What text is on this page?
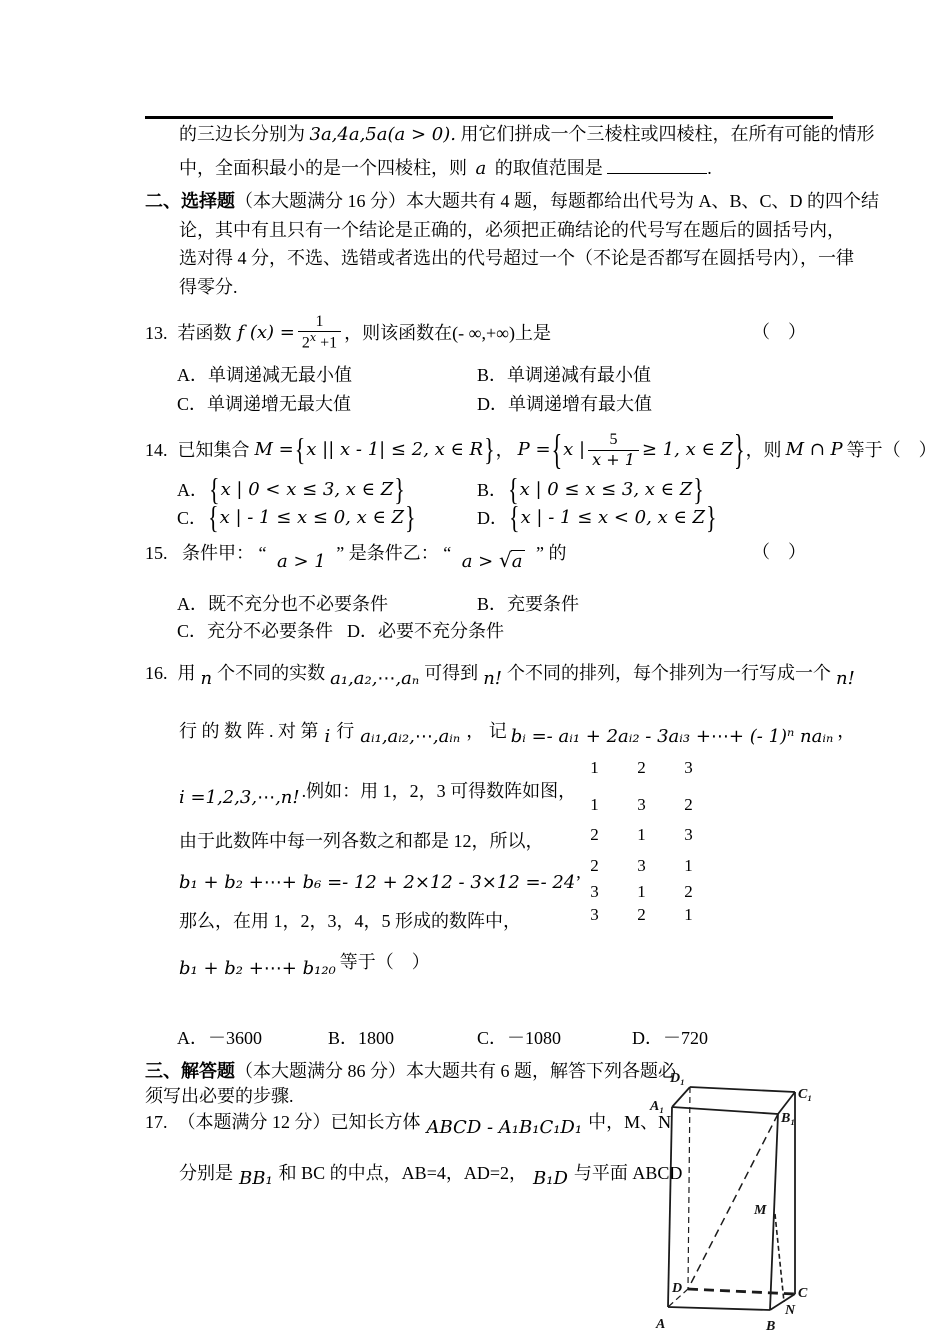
的三边长分别为 3a,4a,5a(a > 0). 用它们拼成一个三棱柱或四棱柱，在所有可能的情形
中，全面积最小的是一个四棱柱，则 a 的取值范围是	.
二、选择题（本大题满分 16 分）本大题共有 4 题，每题都给出代号为 A、B、C、D 的四个结
论，其中有且只有一个结论是正确的，必须把正确结论的代号写在题后的圆括号内，
选对得 4 分，不选、选错或者选出的代号超过一个（不论是否都写在圆括号内），一律
得零分.
13. 若函数 f $(x) = \frac{1}{2^x +1}$ ，则该函数在 (- ∞,+∞) 上是	（　）
A．单调递减无最小值	B．单调递减有最小值
C．单调递增无最大值	D．单调递增有最大值
14. 已知集合 M = { x || x - 1| ≤ 2, x ∈ R } ， P = { x | $\frac{5}{x + 1} \ge 1$, x ∈ Z } ，则 M ∩ P 等于（　）
A． { x | 0 < x ≤ 3, x ∈ Z }	B． { x | 0 ≤ x ≤ 3, x ∈ Z }
C． { x | - 1 ≤ x ≤ 0, x ∈ Z }	D． { x | - 1 ≤ x < 0, x ∈ Z }
15. 条件甲： “ a > 1 ” 是条件乙： “ a > √a ” 的	（　）
A．既不充分也不必要条件	B．充要条件
C．充分不必要条件 D．必要不充分条件
16. 用 n 个不同的实数 a₁,a₂,⋯,aₙ 可得到 n! 个不同的排列，每个排列为一行写成一个 n!
行 的 数 阵 . 对 第 i 行 aᵢ₁,aᵢ₂,⋯,aᵢₙ ， 记 bᵢ =- aᵢ₁ + 2aᵢ₂ - 3aᵢ₃ +⋯+ (- 1)ⁿ naᵢₙ ，
i =1,2,3,⋯,n! .例如：用 1，2，3 可得数阵如图，
由于此数阵中每一列各数之和都是 12，所以，
b₁ + b₂ +⋯+ b₆ =- 12 + 2×12 - 3×12 =- 24’
那么，在用 1，2，3，4，5 形成的数阵中，
b₁ + b₂ +⋯+ b₁₂₀ 等于（　）
1	2	3
1	3	2
2	1	3
2	3	1
3	1	2
3	2	1
A．－3600	B．1800	C．－1080	D．－720
三、解答题（本大题满分 86 分）本大题共有 6 题，解答下列各题必
须写出必要的步骤.
17. （本题满分 12 分）已知长方体 ABCD - A₁B₁C₁D₁ 中，M、N
分别是 BB₁ 和 BC 的中点，AB=4，AD=2， B₁D 与平面 ABCD
D₁
C₁
A₁
B₁
M
D	C
N
A	B
